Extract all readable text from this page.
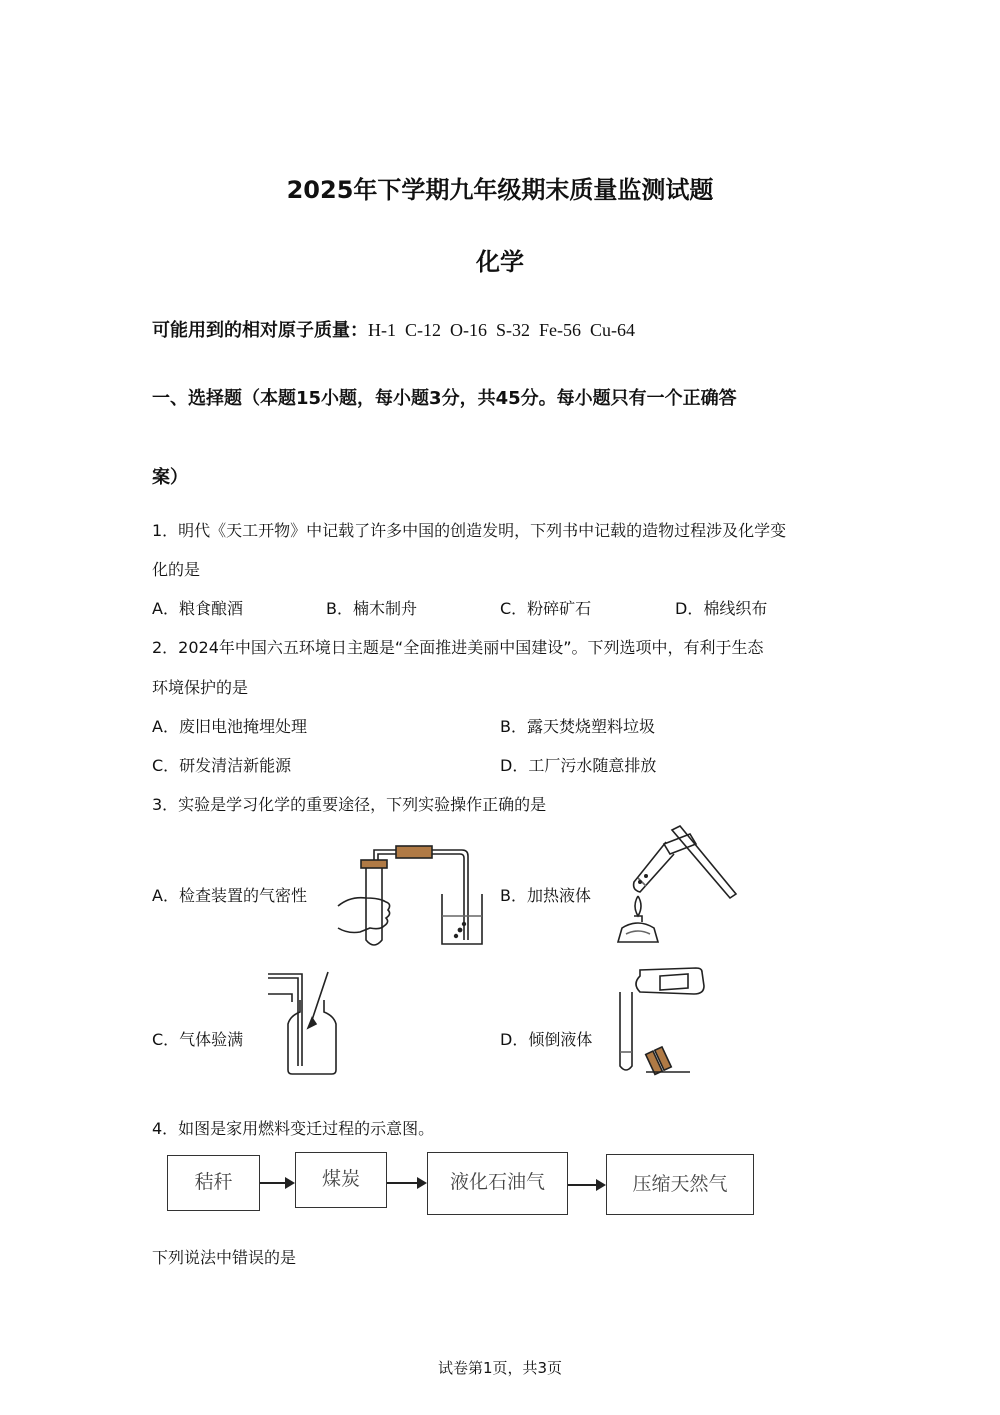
2025年下学期九年级期末质量监测试题
化学
可能用到的相对原子质量：H-1  C-12  O-16  S-32  Fe-56  Cu-64
一、选择题（本题15小题，每小题3分，共45分。每小题只有一个正确答
案）
1．明代《天工开物》中记载了许多中国的创造发明，下列书中记载的造物过程涉及化学变
化的是
A．粮食酿酒	B．楠木制舟	C．粉碎矿石	D．棉线织布
2．2024年中国六五环境日主题是“全面推进美丽中国建设”。下列选项中，有利于生态
环境保护的是
A．废旧电池掩埋处理	B．露天焚烧塑料垃圾
C．研发清洁新能源	D．工厂污水随意排放
3．实验是学习化学的重要途径，下列实验操作正确的是
A．检查装置的气密性	B．加热液体
C．气体验满	D．倾倒液体
4．如图是家用燃料变迁过程的示意图。
秸秆	煤炭	液化石油气	压缩天然气
下列说法中错误的是
试卷第1页，共3页
